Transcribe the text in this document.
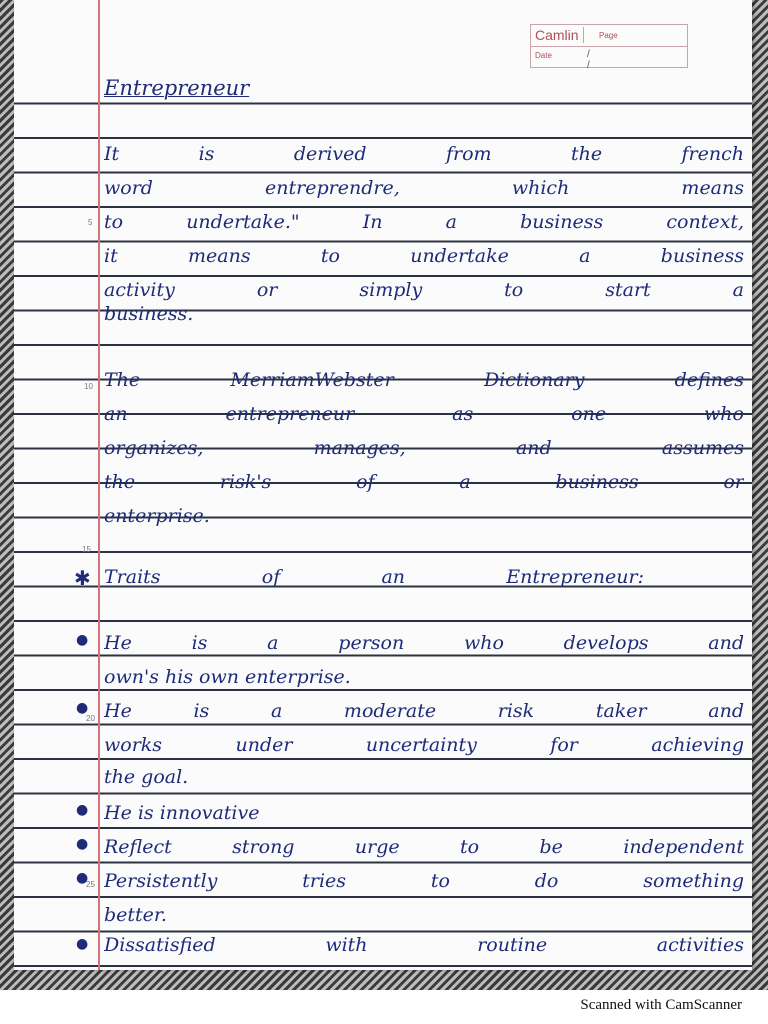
Camlin	Page
Date	/ /
Entrepreneur
It is derived from the french
word entreprendre, which means
to undertake." In a business context,
it means to undertake a business
activity or simply to start a
business.
The MerriamWebster Dictionary defines
an entrepreneur as one who
organizes, manages, and assumes
the risk's of a business or
enterprise.
✱ Traits of an Entrepreneur:
● He is a person who develops and
own's his own enterprise.
● He is a moderate risk taker and
works under uncertainty for achieving
the goal.
● He is innovative
● Reflect strong urge to be independent
● Persistently tries to do something
better.
● Dissatisfied with routine activities
5
10
15
20
25
Scanned with CamScanner
